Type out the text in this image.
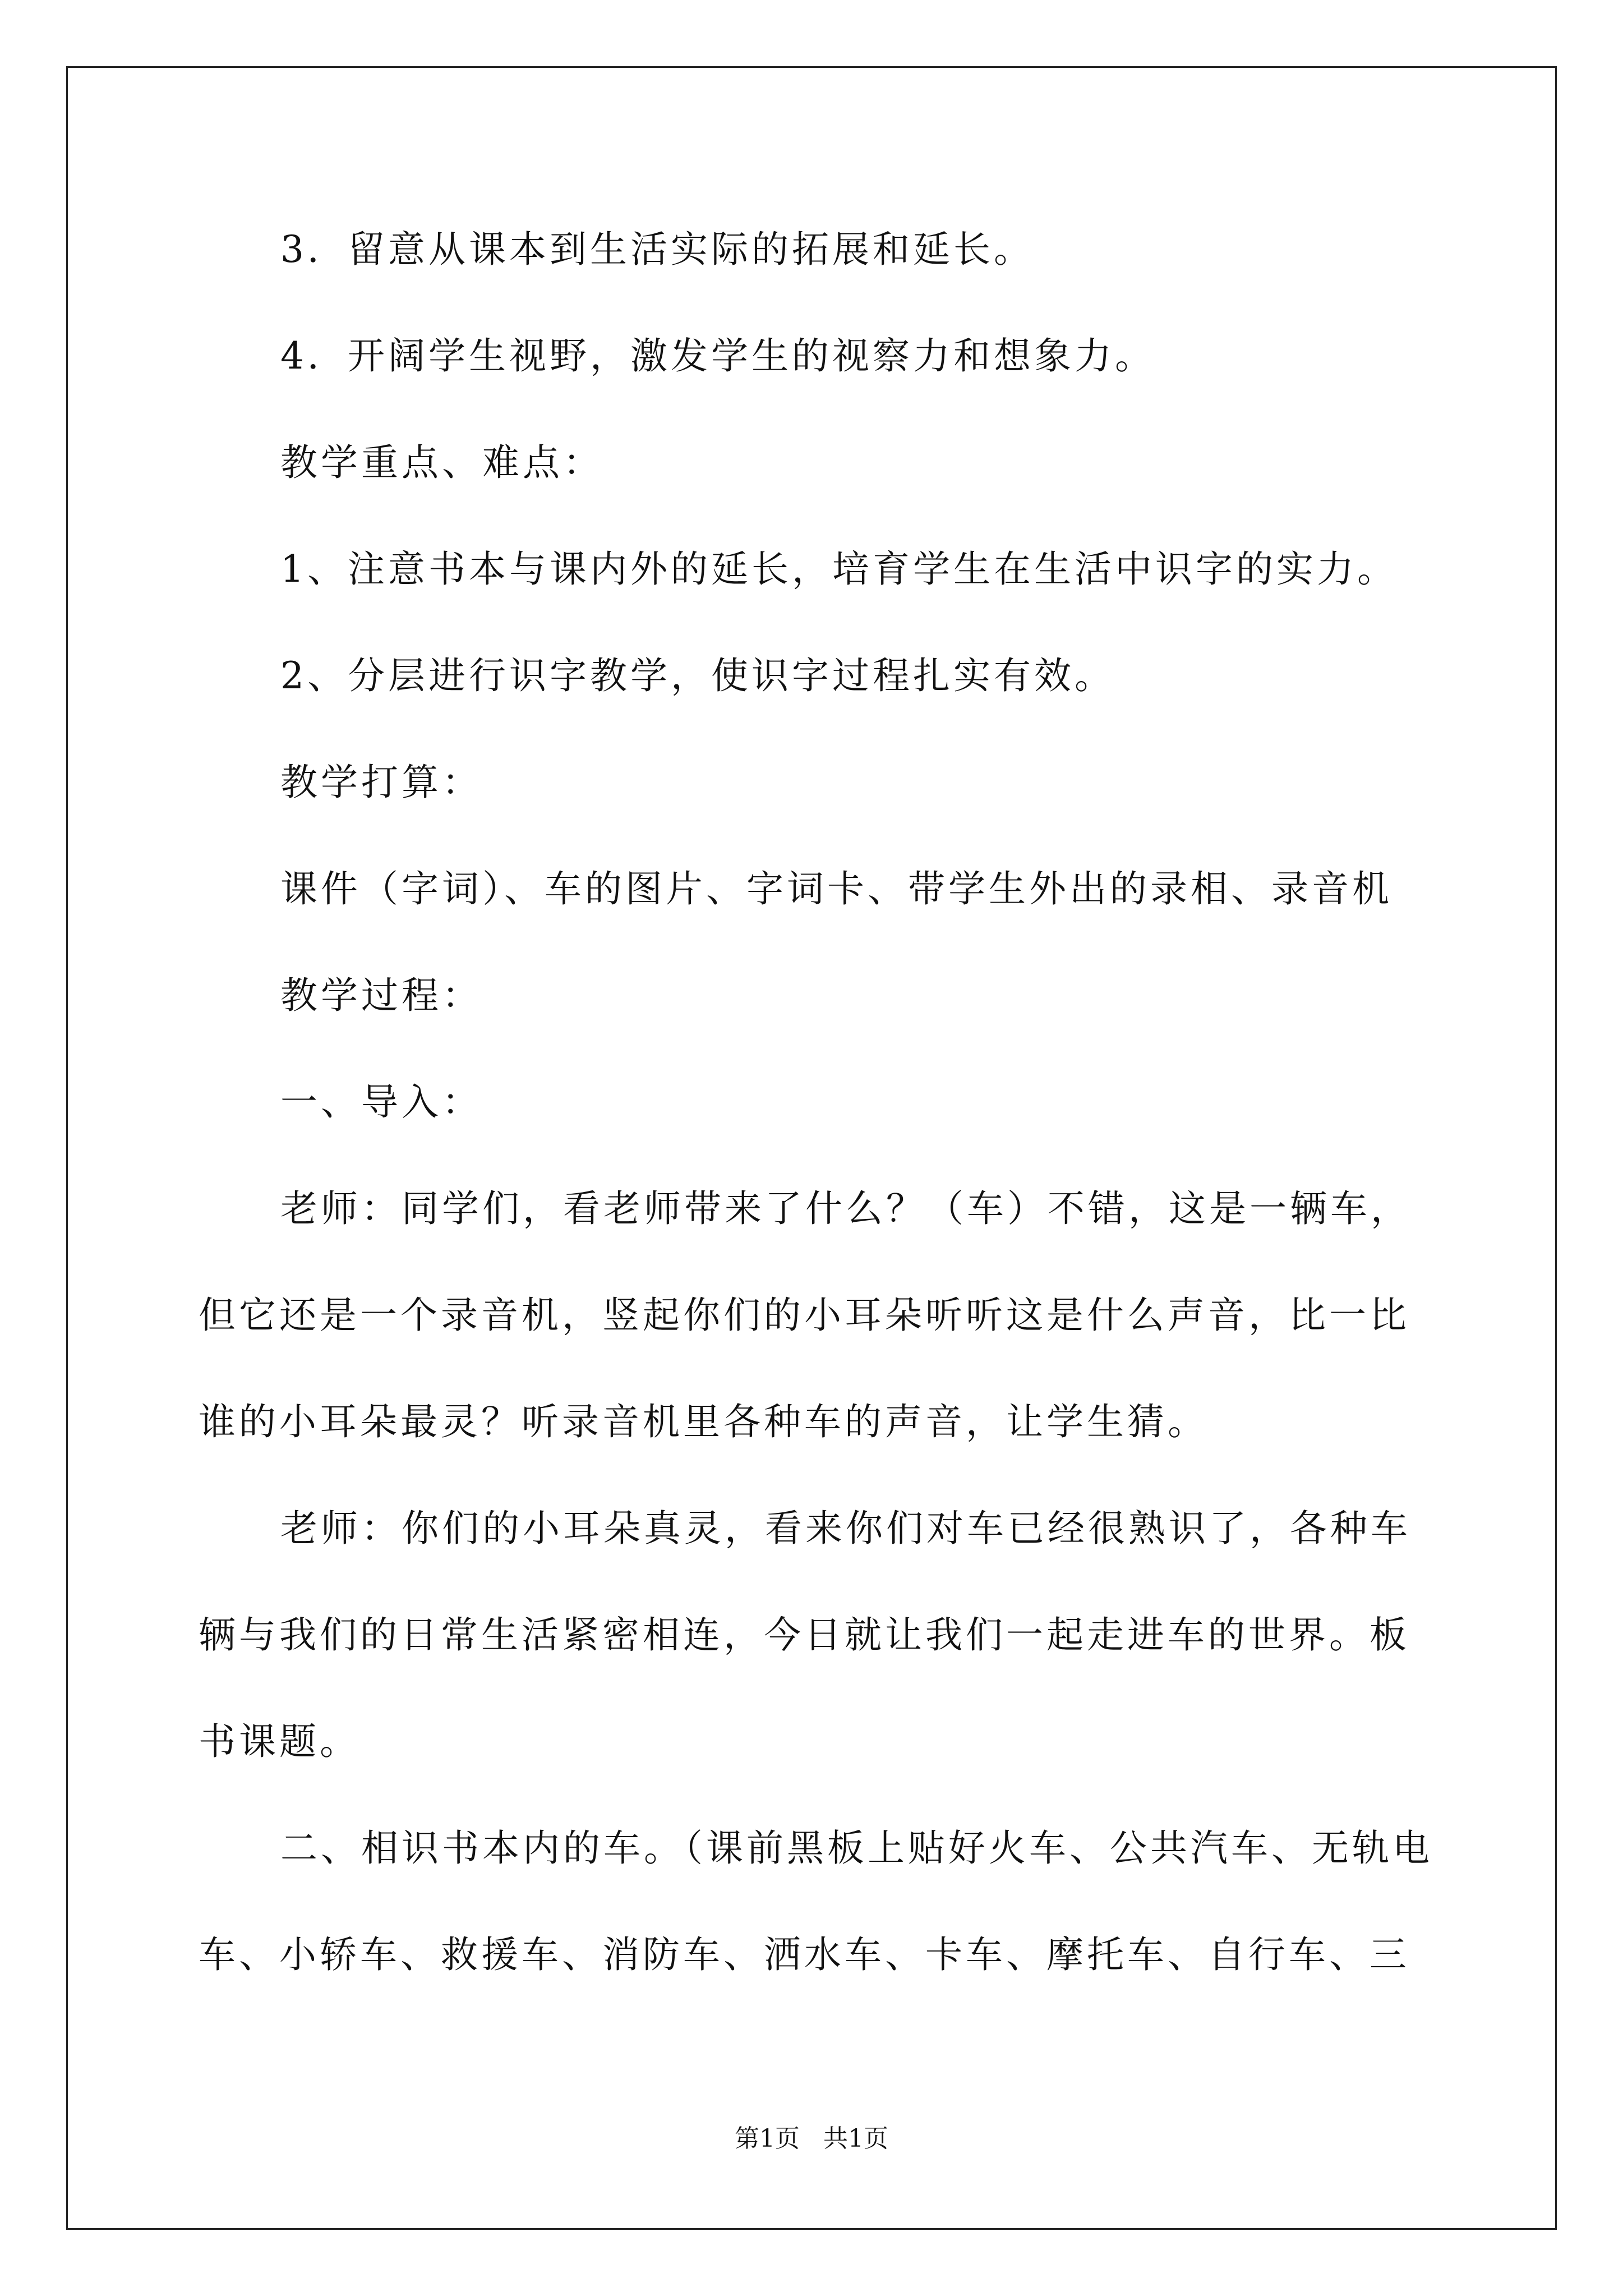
3．留意从课本到生活实际的拓展和延长。
4．开阔学生视野，激发学生的视察力和想象力。
教学重点、难点：
1、注意书本与课内外的延长，培育学生在生活中识字的实力。
2、分层进行识字教学，使识字过程扎实有效。
教学打算：
课件（字词）、车的图片、字词卡、带学生外出的录相、录音机
教学过程：
一、导入：
老师：同学们，看老师带来了什么？（车）不错，这是一辆车，
但它还是一个录音机，竖起你们的小耳朵听听这是什么声音，比一比
谁的小耳朵最灵？听录音机里各种车的声音，让学生猜。
老师：你们的小耳朵真灵，看来你们对车已经很熟识了，各种车
辆与我们的日常生活紧密相连，今日就让我们一起走进车的世界。板
书课题。
二、相识书本内的车。（课前黑板上贴好火车、公共汽车、无轨电
车、小轿车、救援车、消防车、洒水车、卡车、摩托车、自行车、三
第1页   共1页
